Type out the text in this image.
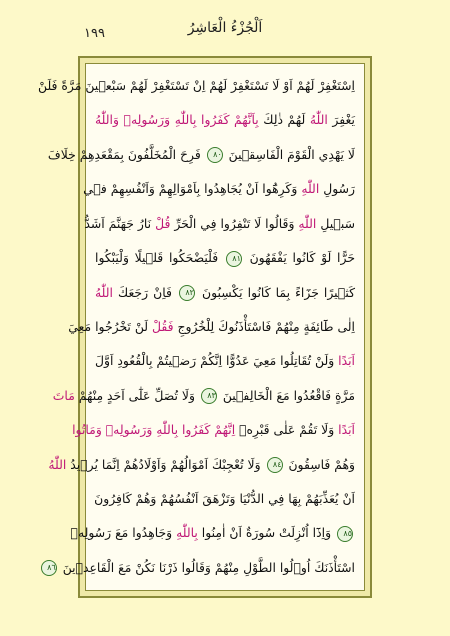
اَلْجُزْءُ الْعَاشِرُ
١٩٩
اِسْتَغْفِرْ لَهُمْ اَوْ لَا تَسْتَغْفِرْ لَهُمْ اِنْ تَسْتَغْفِرْ لَهُمْ سَبْع۪ينَ مَرَّةً فَلَنْ
يَغْفِرَ اللّٰهُ لَهُمْ ذٰلِكَ بِاَنَّهُمْ كَفَرُوا بِاللّٰهِ وَرَسُولِه۪ وَاللّٰهُ
لَا يَهْدِي الْقَوْمَ الْفَاسِق۪ينَ ٨٠ فَرِحَ الْمُخَلَّفُونَ بِمَقْعَدِهِمْ خِلَافَ
رَسُولِ اللّٰهِ وَكَرِهُٓوا اَنْ يُجَاهِدُوا بِاَمْوَالِهِمْ وَاَنْفُسِهِمْ ف۪ي
سَب۪يلِ اللّٰهِ وَقَالُوا لَا تَنْفِرُوا فِي الْحَرِّ قُلْ نَارُ جَهَنَّمَ اَشَدُّ
حَرًّا لَوْ كَانُوا يَفْقَهُونَ ٨١ فَلْيَضْحَكُوا قَل۪يلًا وَلْيَبْكُوا
كَث۪يرًا جَزَٓاءً بِمَا كَانُوا يَكْسِبُونَ ٨٢ فَاِنْ رَجَعَكَ اللّٰهُ
اِلٰى طَٓائِفَةٍ مِنْهُمْ فَاسْتَأْذَنُوكَ لِلْخُرُوجِ فَقُلْ لَنْ تَخْرُجُوا مَعِيَ
اَبَدًا وَلَنْ تُقَاتِلُوا مَعِيَ عَدُوًّا اِنَّكُمْ رَض۪يتُمْ بِالْقُعُودِ اَوَّلَ
مَرَّةٍ فَاقْعُدُوا مَعَ الْخَالِف۪ينَ ٨٣ وَلَا تُصَلِّ عَلٰٓى اَحَدٍ مِنْهُمْ مَاتَ
اَبَدًا وَلَا تَقُمْ عَلٰى قَبْرِه۪ اِنَّهُمْ كَفَرُوا بِاللّٰهِ وَرَسُولِه۪ وَمَاتُوا
وَهُمْ فَاسِقُونَ ٨٤ وَلَا تُعْجِبْكَ اَمْوَالُهُمْ وَاَوْلَادُهُمْ اِنَّمَا يُر۪يدُ اللّٰهُ
اَنْ يُعَذِّبَهُمْ بِهَا فِي الدُّنْيَا وَتَزْهَقَ اَنْفُسُهُمْ وَهُمْ كَافِرُونَ
٨٥ وَاِذَٓا اُنْزِلَتْ سُورَةٌ اَنْ اٰمِنُوا بِاللّٰهِ وَجَاهِدُوا مَعَ رَسُولِه۪
اسْتَأْذَنَكَ اُو۬لُوا الطَّوْلِ مِنْهُمْ وَقَالُوا ذَرْنَا نَكُنْ مَعَ الْقَاعِد۪ينَ ٨٦
